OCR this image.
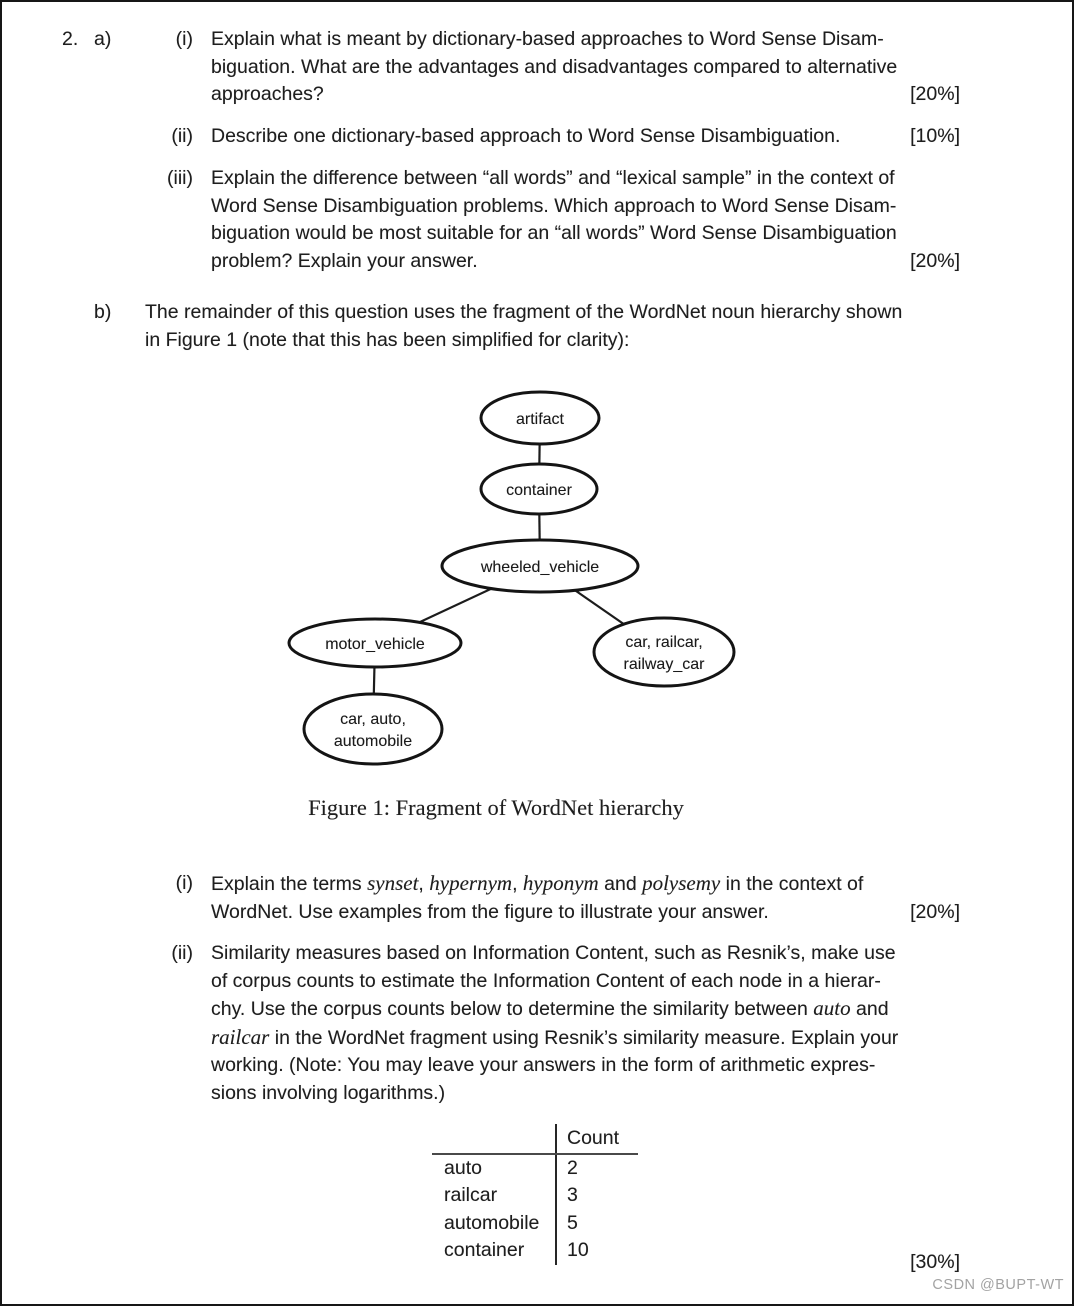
2. a)	(i) Explain what is meant by dictionary-based approaches to Word Sense Disam-
biguation. What are the advantages and disadvantages compared to alternative
approaches?	[20%]
(ii) Describe one dictionary-based approach to Word Sense Disambiguation.	[10%]
(iii) Explain the difference between “all words” and “lexical sample” in the context of
Word Sense Disambiguation problems. Which approach to Word Sense Disam-
biguation would be most suitable for an “all words” Word Sense Disambiguation
problem? Explain your answer.	[20%]
b) The remainder of this question uses the fragment of the WordNet noun hierarchy shown
in Figure 1 (note that this has been simplified for clarity):
artifact
container
wheeled_vehicle
motor_vehicle	car, railcar,
railway_car
car, auto,
automobile
Figure 1: Fragment of WordNet hierarchy
(i) Explain the terms synset, hypernym, hyponym and polysemy in the context of
WordNet. Use examples from the figure to illustrate your answer.	[20%]
(ii) Similarity measures based on Information Content, such as Resnik’s, make use
of corpus counts to estimate the Information Content of each node in a hierar-
chy. Use the corpus counts below to determine the similarity between auto and
railcar in the WordNet fragment using Resnik’s similarity measure. Explain your
working. (Note: You may leave your answers in the form of arithmetic expres-
sions involving logarithms.)
Count
auto	2
railcar	3
automobile	5
container	10
[30%]
CSDN @BUPT-WT
